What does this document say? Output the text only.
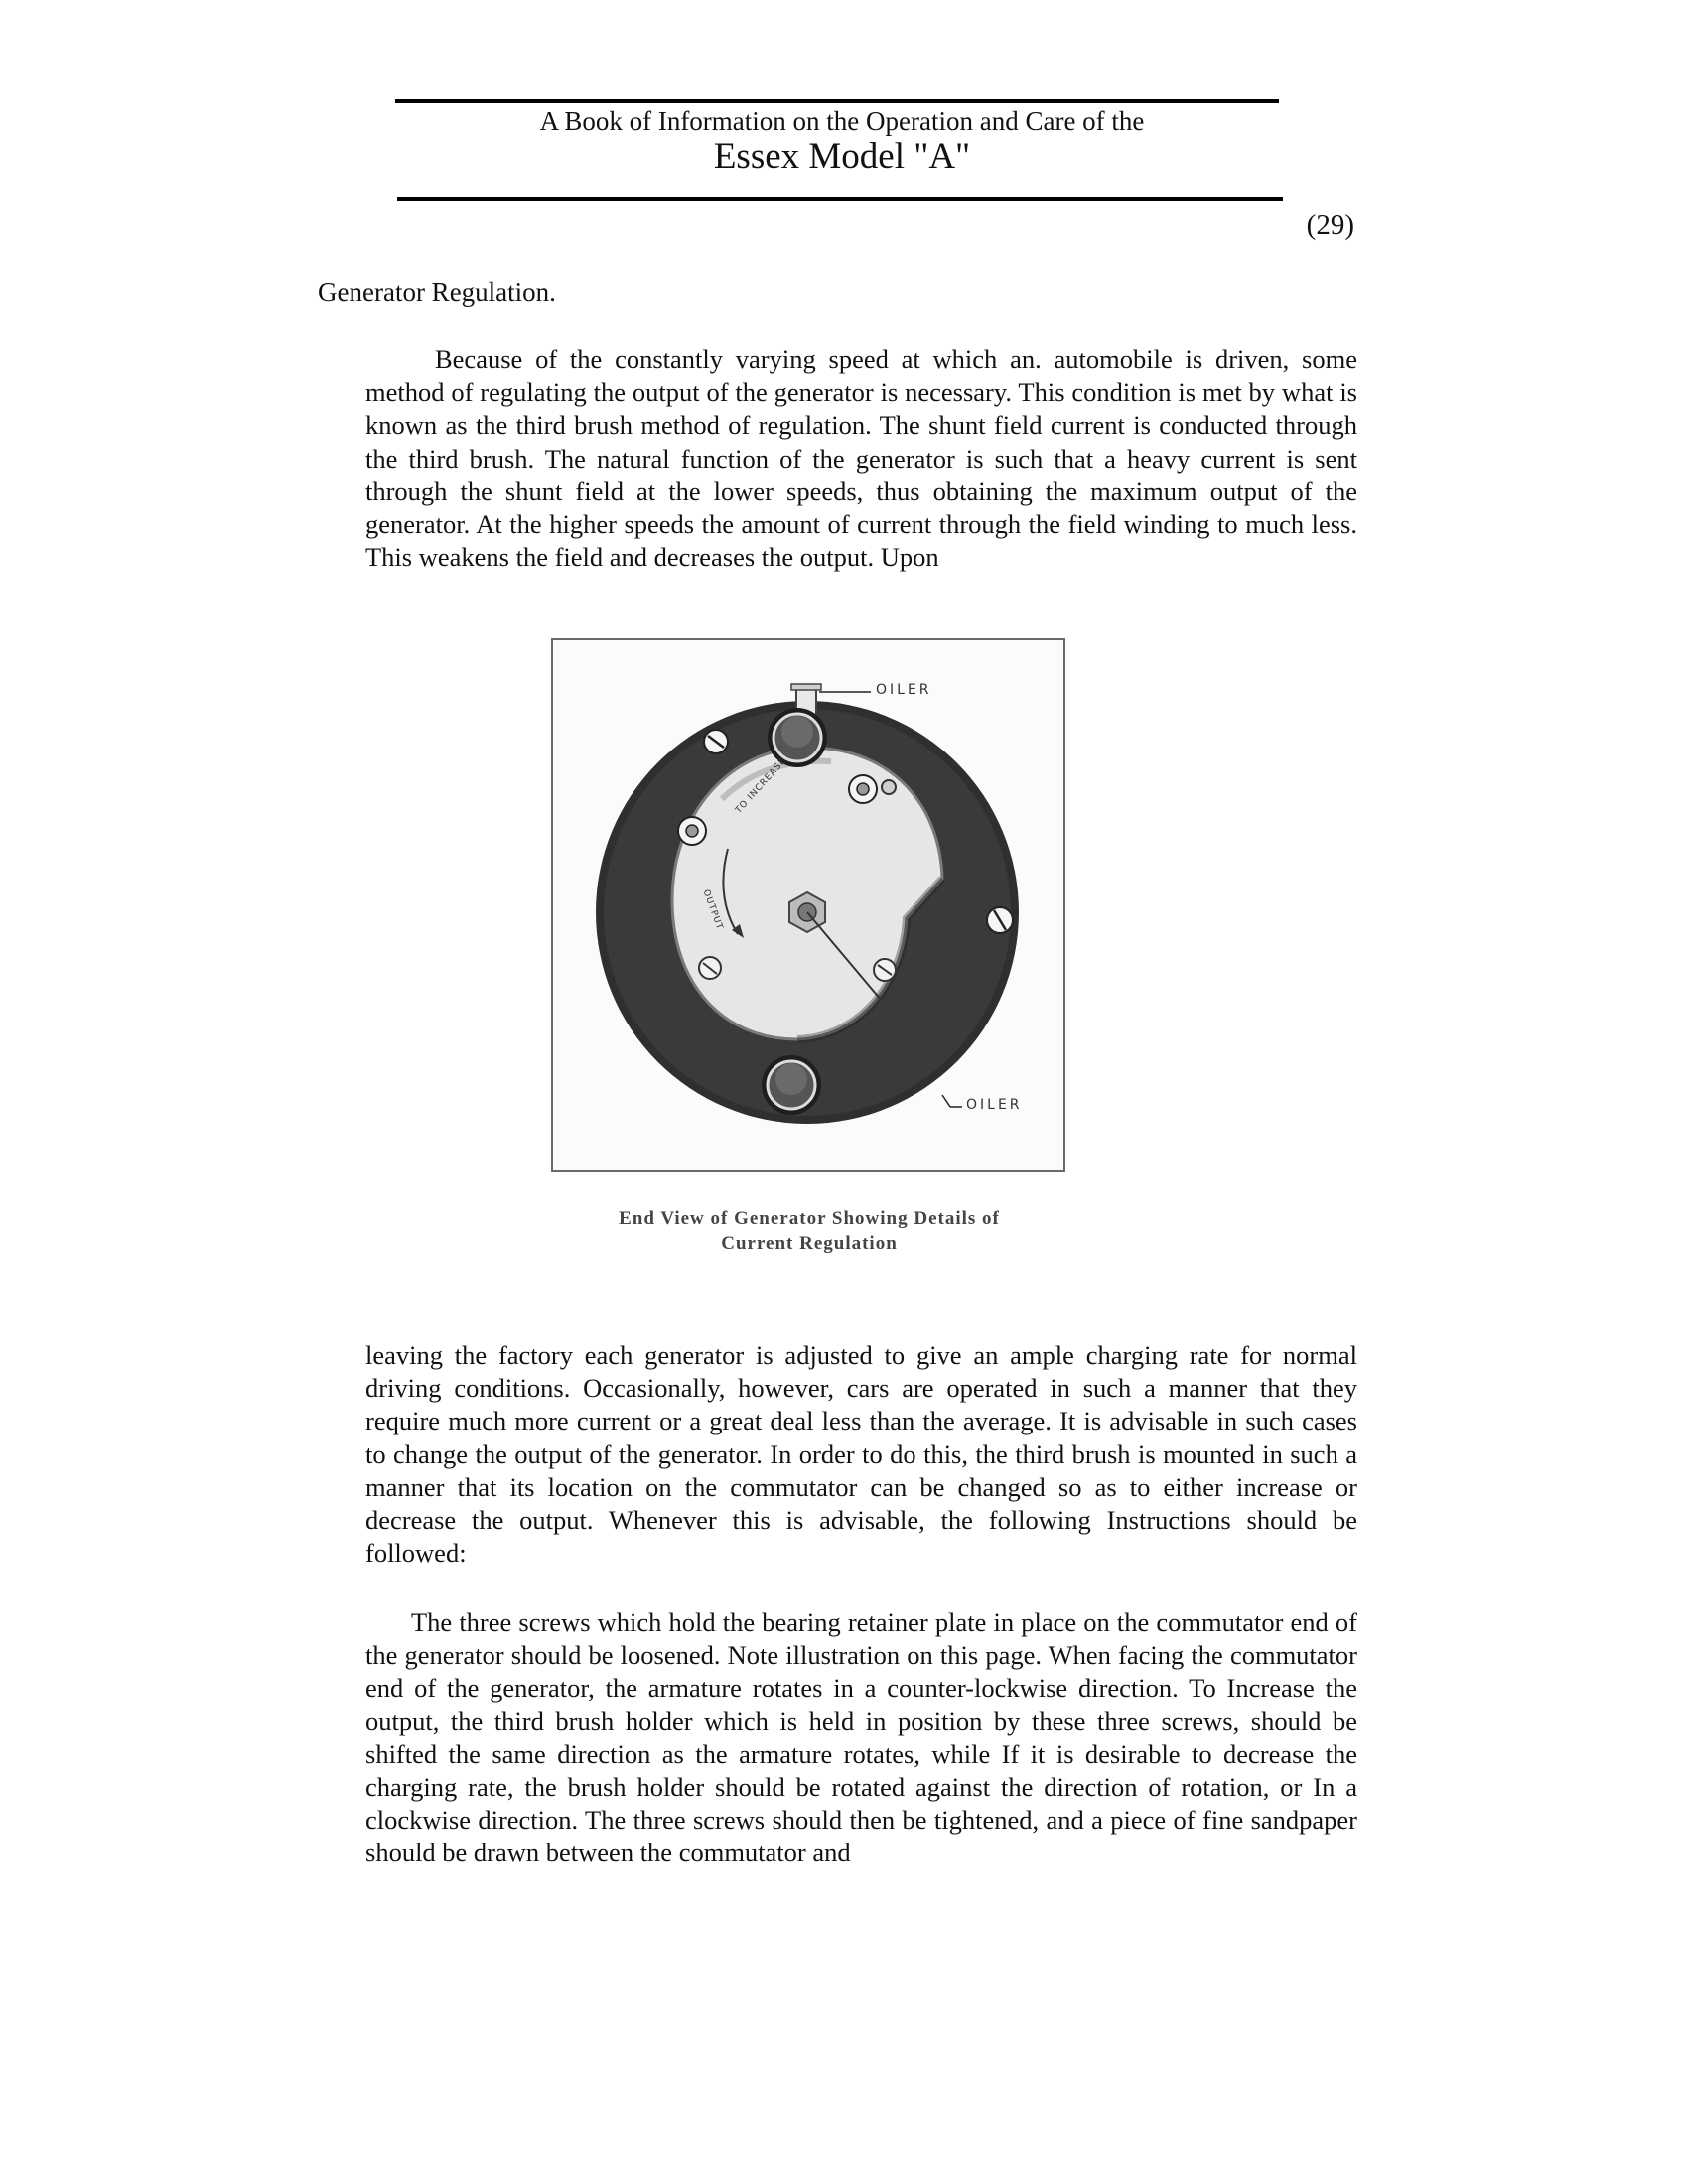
A Book of Information on the Operation and Care of the
Essex Model "A"
(29)
Generator Regulation.

Because of the constantly varying speed at which an. automobile is driven, some method of regulating the output of the generator is necessary. This condition is met by what is known as the third brush method of regulation. The shunt field current is conducted through the third brush. The natural function of the generator is such that a heavy current is sent through the shunt field at the lower speeds, thus obtaining the maximum output of the generator. At the higher speeds the amount of current through the field winding to much less. This weakens the field and decreases the output. Upon

OILER
OILER
TO INCREASE
OUTPUT
End View of Generator Showing Details of
Current Regulation

leaving the factory each generator is adjusted to give an ample charging rate for normal driving conditions. Occasionally, however, cars are operated in such a manner that they require much more current or a great deal less than the average. It is advisable in such cases to change the output of the generator. In order to do this, the third brush is mounted in such a manner that its location on the commutator can be changed so as to either increase or decrease the output. Whenever this is advisable, the following Instructions should be followed:

The three screws which hold the bearing retainer plate in place on the commutator end of the generator should be loosened. Note illustration on this page. When facing the commutator end of the generator, the armature rotates in a counter-lockwise direction. To Increase the output, the third brush holder which is held in position by these three screws, should be shifted the same direction as the armature rotates, while If it is desirable to decrease the charging rate, the brush holder should be rotated against the direction of rotation, or In a clockwise direction. The three screws should then be tightened, and a piece of fine sandpaper should be drawn between the commutator and
